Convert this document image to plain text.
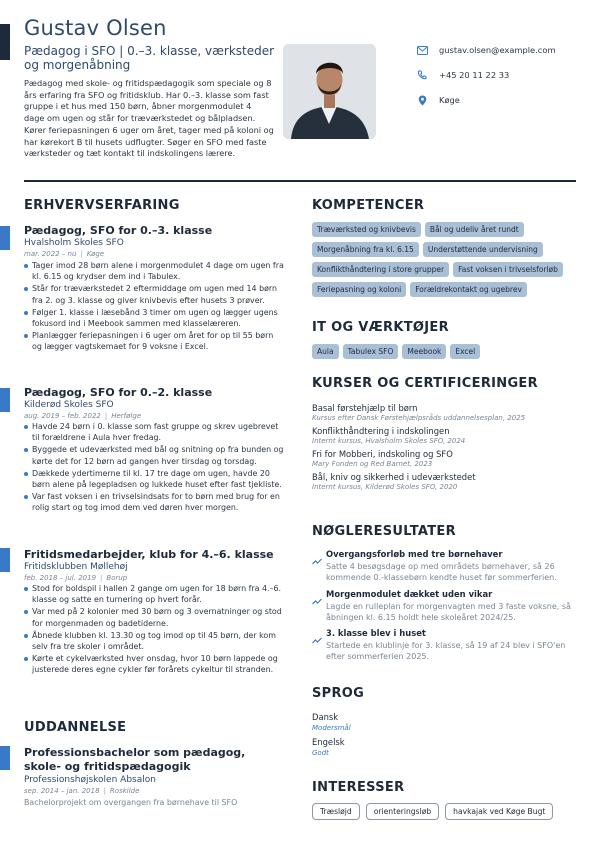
Gustav Olsen
Pædagog i SFO | 0.–3. klasse, værksteder og morgenåbning
Pædagog med skole- og fritidspædagogik som speciale og 8 års erfaring fra SFO og fritidsklub. Har 0.–3. klasse som fast gruppe i et hus med 150 børn, åbner morgenmodulet 4 dage om ugen og står for træværkstedet og bålpladsen. Kører feriepasningen 6 uger om året, tager med på koloni og har kørekort B til husets udflugter. Søger en SFO med faste værksteder og tæt kontakt til indskolingens lærere.
gustav.olsen@example.com
+45 20 11 22 33
Køge
ERHVERVSERFARING
Pædagog, SFO for 0.–3. klasse
Hvalsholm Skoles SFO
mar. 2022 – nu | Køge
Tager imod 28 børn alene i morgenmodulet 4 dage om ugen fra kl. 6.15 og krydser dem ind i Tabulex.
Står for træværkstedet 2 eftermiddage om ugen med 14 børn fra 2. og 3. klasse og giver knivbevis efter husets 3 prøver.
Følger 1. klasse i læsebånd 3 timer om ugen og lægger ugens fokusord ind i Meebook sammen med klasselæreren.
Planlægger feriepasningen i 6 uger om året for op til 55 børn og lægger vagtskemaet for 9 voksne i Excel.
Pædagog, SFO for 0.–2. klasse
Kilderød Skoles SFO
aug. 2019 – feb. 2022 | Herfølge
Havde 24 børn i 0. klasse som fast gruppe og skrev ugebrevet til forældrene i Aula hver fredag.
Byggede et udeværksted med bål og snitning op fra bunden og kørte det for 12 børn ad gangen hver tirsdag og torsdag.
Dækkede ydertimerne til kl. 17 tre dage om ugen, havde 20 børn alene på legepladsen og lukkede huset efter fast tjekliste.
Var fast voksen i en trivselsindsats for to børn med brug for en rolig start og tog imod dem ved døren hver morgen.
Fritidsmedarbejder, klub for 4.–6. klasse
Fritidsklubben Møllehøj
feb. 2018 – jul. 2019 | Borup
Stod for boldspil i hallen 2 gange om ugen for 18 børn fra 4.–6. klasse og satte en turnering op hvert forår.
Var med på 2 kolonier med 30 børn og 3 overnatninger og stod for morgenmaden og badetiderne.
Åbnede klubben kl. 13.30 og tog imod op til 45 børn, der kom selv fra tre skoler i området.
Kørte et cykelværksted hver onsdag, hvor 10 børn lappede og justerede deres egne cykler før forårets cykeltur til stranden.
UDDANNELSE
Professionsbachelor som pædagog, skole- og fritidspædagogik
Professionshøjskolen Absalon
sep. 2014 – jan. 2018 | Roskilde
Bachelorprojekt om overgangen fra børnehave til SFO
KOMPETENCER
Træværksted og knivbevis	Bål og udeliv året rundt
Morgenåbning fra kl. 6.15	Understøttende undervisning
Konflikthåndtering i store grupper	Fast voksen i trivselsforløb
Feriepasning og koloni	Forældrekontakt og ugebrev
IT OG VÆRKTØJER
Aula	Tabulex SFO	Meebook	Excel
KURSER OG CERTIFICERINGER
Basal førstehjælp til børn
Kursus efter Dansk Førstehjælpsråds uddannelsesplan, 2025
Konflikthåndtering i indskolingen
Internt kursus, Hvalsholm Skoles SFO, 2024
Fri for Mobberi, indskoling og SFO
Mary Fonden og Red Barnet, 2023
Bål, kniv og sikkerhed i udeværkstedet
Internt kursus, Kilderød Skoles SFO, 2020
NØGLERESULTATER
Overgangsforløb med tre børnehaver
Satte 4 besøgsdage op med områdets børnehaver, så 26 kommende 0.-klassebørn kendte huset før sommerferien.
Morgenmodulet dækket uden vikar
Lagde en rulleplan for morgenvagten med 3 faste voksne, så åbningen kl. 6.15 holdt hele skoleåret 2024/25.
3. klasse blev i huset
Startede en klublinje for 3. klasse, så 19 af 24 blev i SFO'en efter sommerferien 2025.
SPROG
Dansk
Modersmål
Engelsk
Godt
INTERESSER
Træsløjd	orienteringsløb	havkajak ved Køge Bugt
